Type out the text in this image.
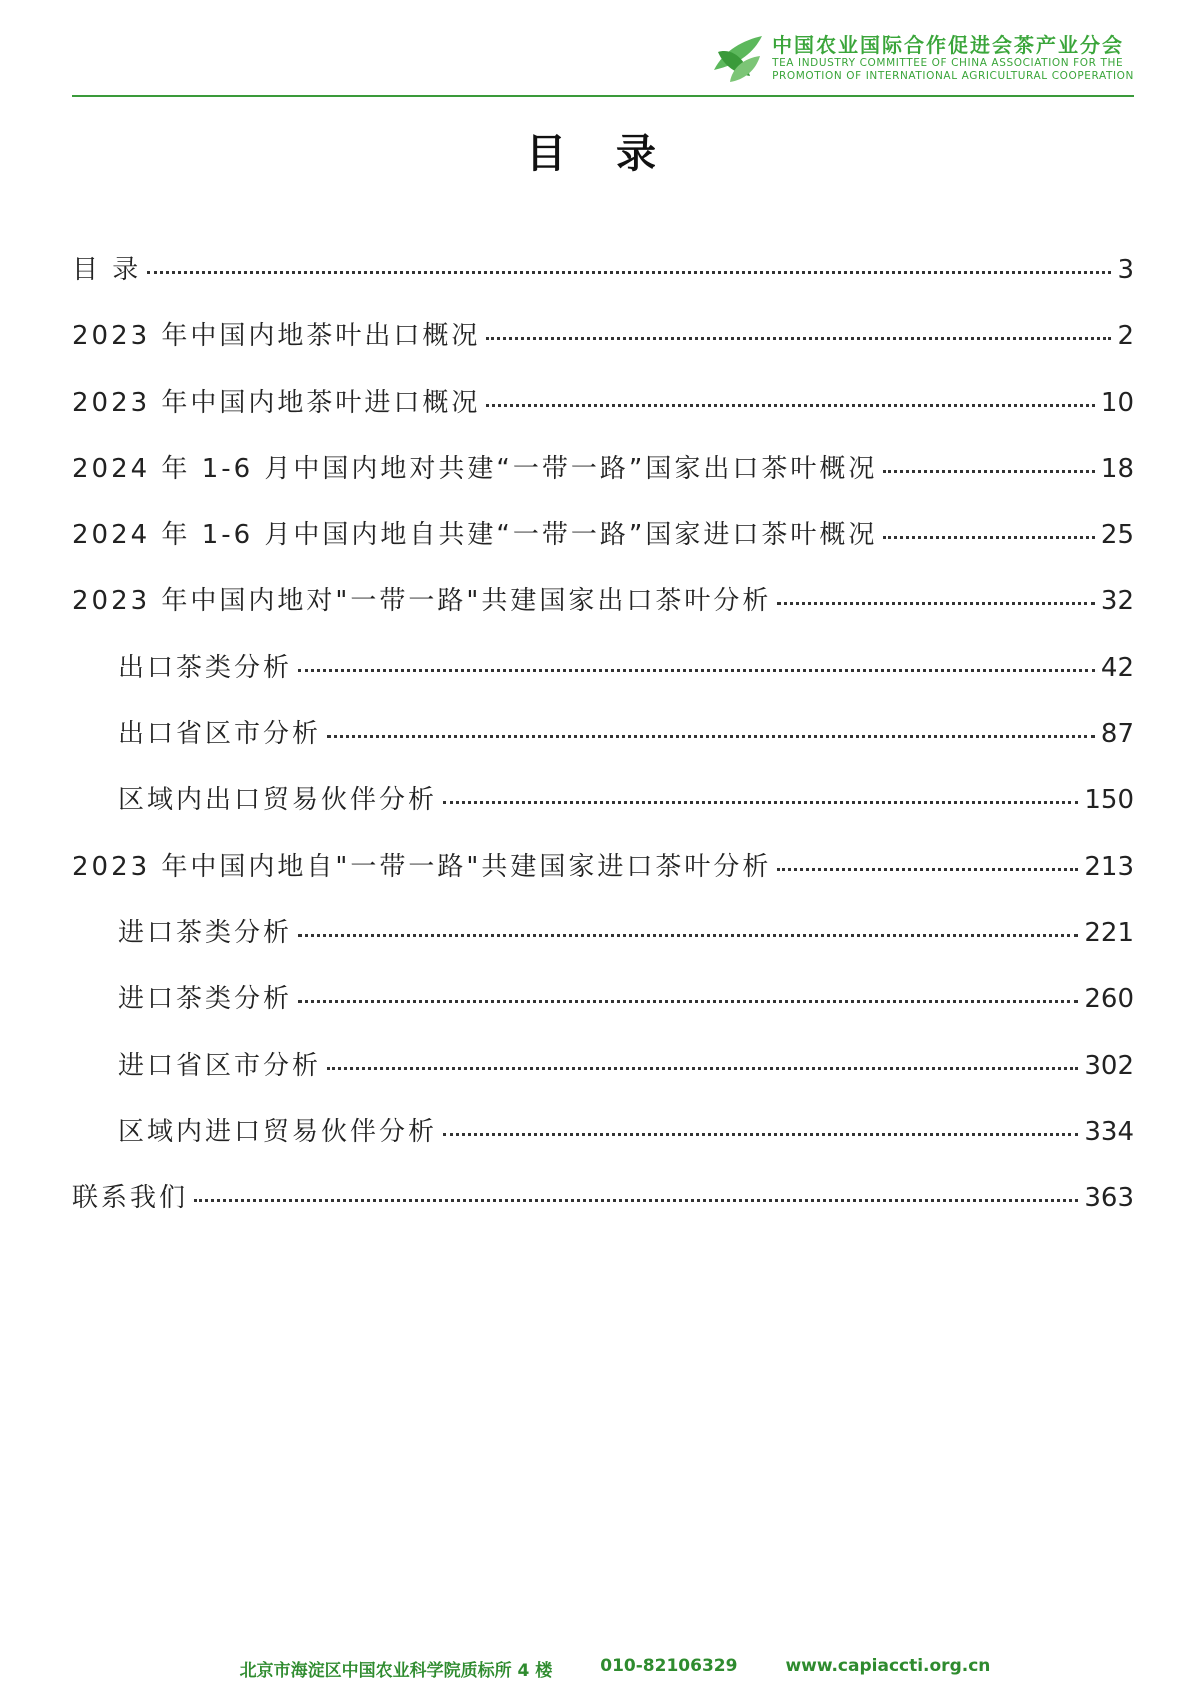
中国农业国际合作促进会茶产业分会
TEA INDUSTRY COMMITTEE OF CHINA ASSOCIATION FOR THE
PROMOTION OF INTERNATIONAL AGRICULTURAL COOPERATION
目 录
目 录	3
2023 年中国内地茶叶出口概况	2
2023 年中国内地茶叶进口概况	10
2024 年 1-6 月中国内地对共建“一带一路”国家出口茶叶概况	18
2024 年 1-6 月中国内地自共建“一带一路”国家进口茶叶概况	25
2023 年中国内地对"一带一路"共建国家出口茶叶分析	32
出口茶类分析	42
出口省区市分析	87
区域内出口贸易伙伴分析	150
2023 年中国内地自"一带一路"共建国家进口茶叶分析	213
进口茶类分析	221
进口茶类分析	260
进口省区市分析	302
区域内进口贸易伙伴分析	334
联系我们	363
北京市海淀区中国农业科学院质标所 4 楼	010-82106329	www.capiaccti.org.cn
